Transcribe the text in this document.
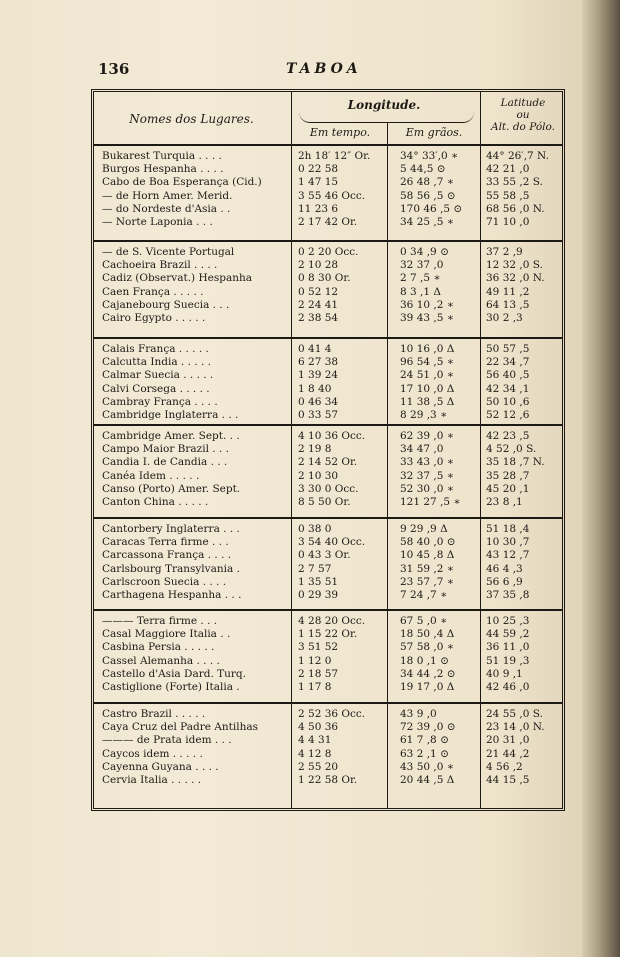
136	TABOA
Nomes dos Lugares.
Longitude.
Em tempo.	Em grãos.
Latitude
ou
Alt. do Pólo.
Bukarest Turquia . . . .	2h 18′ 12″ Or.	34° 33′,0 ∗	44° 26′,7 N.
Burgos Hespanha . . . .	0 22 58	5 44,5 ⊙	42 21 ,0
Cabo de Boa Esperança (Cid.)	1 47 15	26 48 ,7 ∗	33 55 ,2 S.
— de Horn Amer. Merid.	3 55 46 Occ.	58 56 ,5 ⊙	55 58 ,5
— do Nordeste d'Asia . .	11 23 6	170 46 ,5 ⊙	68 56 ,0 N.
— Norte Laponia . . .	2 17 42 Or.	34 25 ,5 ∗	71 10 ,0
— de S. Vicente Portugal	0 2 20 Occ.	0 34 ,9 ⊙	37 2 ,9
Cachoeira Brazil . . . .	2 10 28	32 37 ,0	12 32 ,0 S.
Cadiz (Observat.) Hespanha	0 8 30 Or.	2 7 ,5 ∗	36 32 ,0 N.
Caen França . . . . .	0 52 12	8 3 ,1 Δ	49 11 ,2
Cajanebourg Suecia . . .	2 24 41	36 10 ,2 ∗	64 13 ,5
Cairo Egypto . . . . .	2 38 54	39 43 ,5 ∗	30 2 ,3
Calais França . . . . .	0 41 4	10 16 ,0 Δ	50 57 ,5
Calcutta India . . . . .	6 27 38	96 54 ,5 ∗	22 34 ,7
Calmar Suecia . . . . .	1 39 24	24 51 ,0 ∗	56 40 ,5
Calvi Corsega . . . . .	1 8 40	17 10 ,0 Δ	42 34 ,1
Cambray França . . . .	0 46 34	11 38 ,5 Δ	50 10 ,6
Cambridge Inglaterra . . .	0 33 57	8 29 ,3 ∗	52 12 ,6
Cambridge Amer. Sept. . .	4 10 36 Occ.	62 39 ,0 ∗	42 23 ,5
Campo Maior Brazil . . .	2 19 8	34 47 ,0	4 52 ,0 S.
Candia I. de Candia . . .	2 14 52 Or.	33 43 ,0 ∗	35 18 ,7 N.
Canéa Idem . . . . .	2 10 30	32 37 ,5 ∗	35 28 ,7
Canso (Porto) Amer. Sept.	3 30 0 Occ.	52 30 ,0 ∗	45 20 ,1
Canton China . . . . .	8 5 50 Or.	121 27 ,5 ∗	23 8 ,1
Cantorbery Inglaterra . . .	0 38 0	9 29 ,9 Δ	51 18 ,4
Caracas Terra firme . . .	3 54 40 Occ.	58 40 ,0 ⊙	10 30 ,7
Carcassona França . . . .	0 43 3 Or.	10 45 ,8 Δ	43 12 ,7
Carlsbourg Transylvania .	2 7 57	31 59 ,2 ∗	46 4 ,3
Carlscroon Suecia . . . .	1 35 51	23 57 ,7 ∗	56 6 ,9
Carthagena Hespanha . . .	0 29 39	7 24 ,7 ∗	37 35 ,8
——— Terra firme . . .	4 28 20 Occ.	67 5 ,0 ∗	10 25 ,3
Casal Maggiore Italia . .	1 15 22 Or.	18 50 ,4 Δ	44 59 ,2
Casbina Persia . . . . .	3 51 52	57 58 ,0 ∗	36 11 ,0
Cassel Alemanha . . . .	1 12 0	18 0 ,1 ⊙	51 19 ,3
Castello d'Asia Dard. Turq.	2 18 57	34 44 ,2 ⊙	40 9 ,1
Castiglione (Forte) Italia .	1 17 8	19 17 ,0 Δ	42 46 ,0
Castro Brazil . . . . .	2 52 36 Occ.	43 9 ,0	24 55 ,0 S.
Caya Cruz del Padre Antilhas	4 50 36	72 39 ,0 ⊙	23 14 ,0 N.
——— de Prata idem . . .	4 4 31	61 7 ,8 ⊙	20 31 ,0
Caycos idem . . . . .	4 12 8	63 2 ,1 ⊙	21 44 ,2
Cayenna Guyana . . . .	2 55 20	43 50 ,0 ∗	4 56 ,2
Cervia Italia . . . . .	1 22 58 Or.	20 44 ,5 Δ	44 15 ,5
